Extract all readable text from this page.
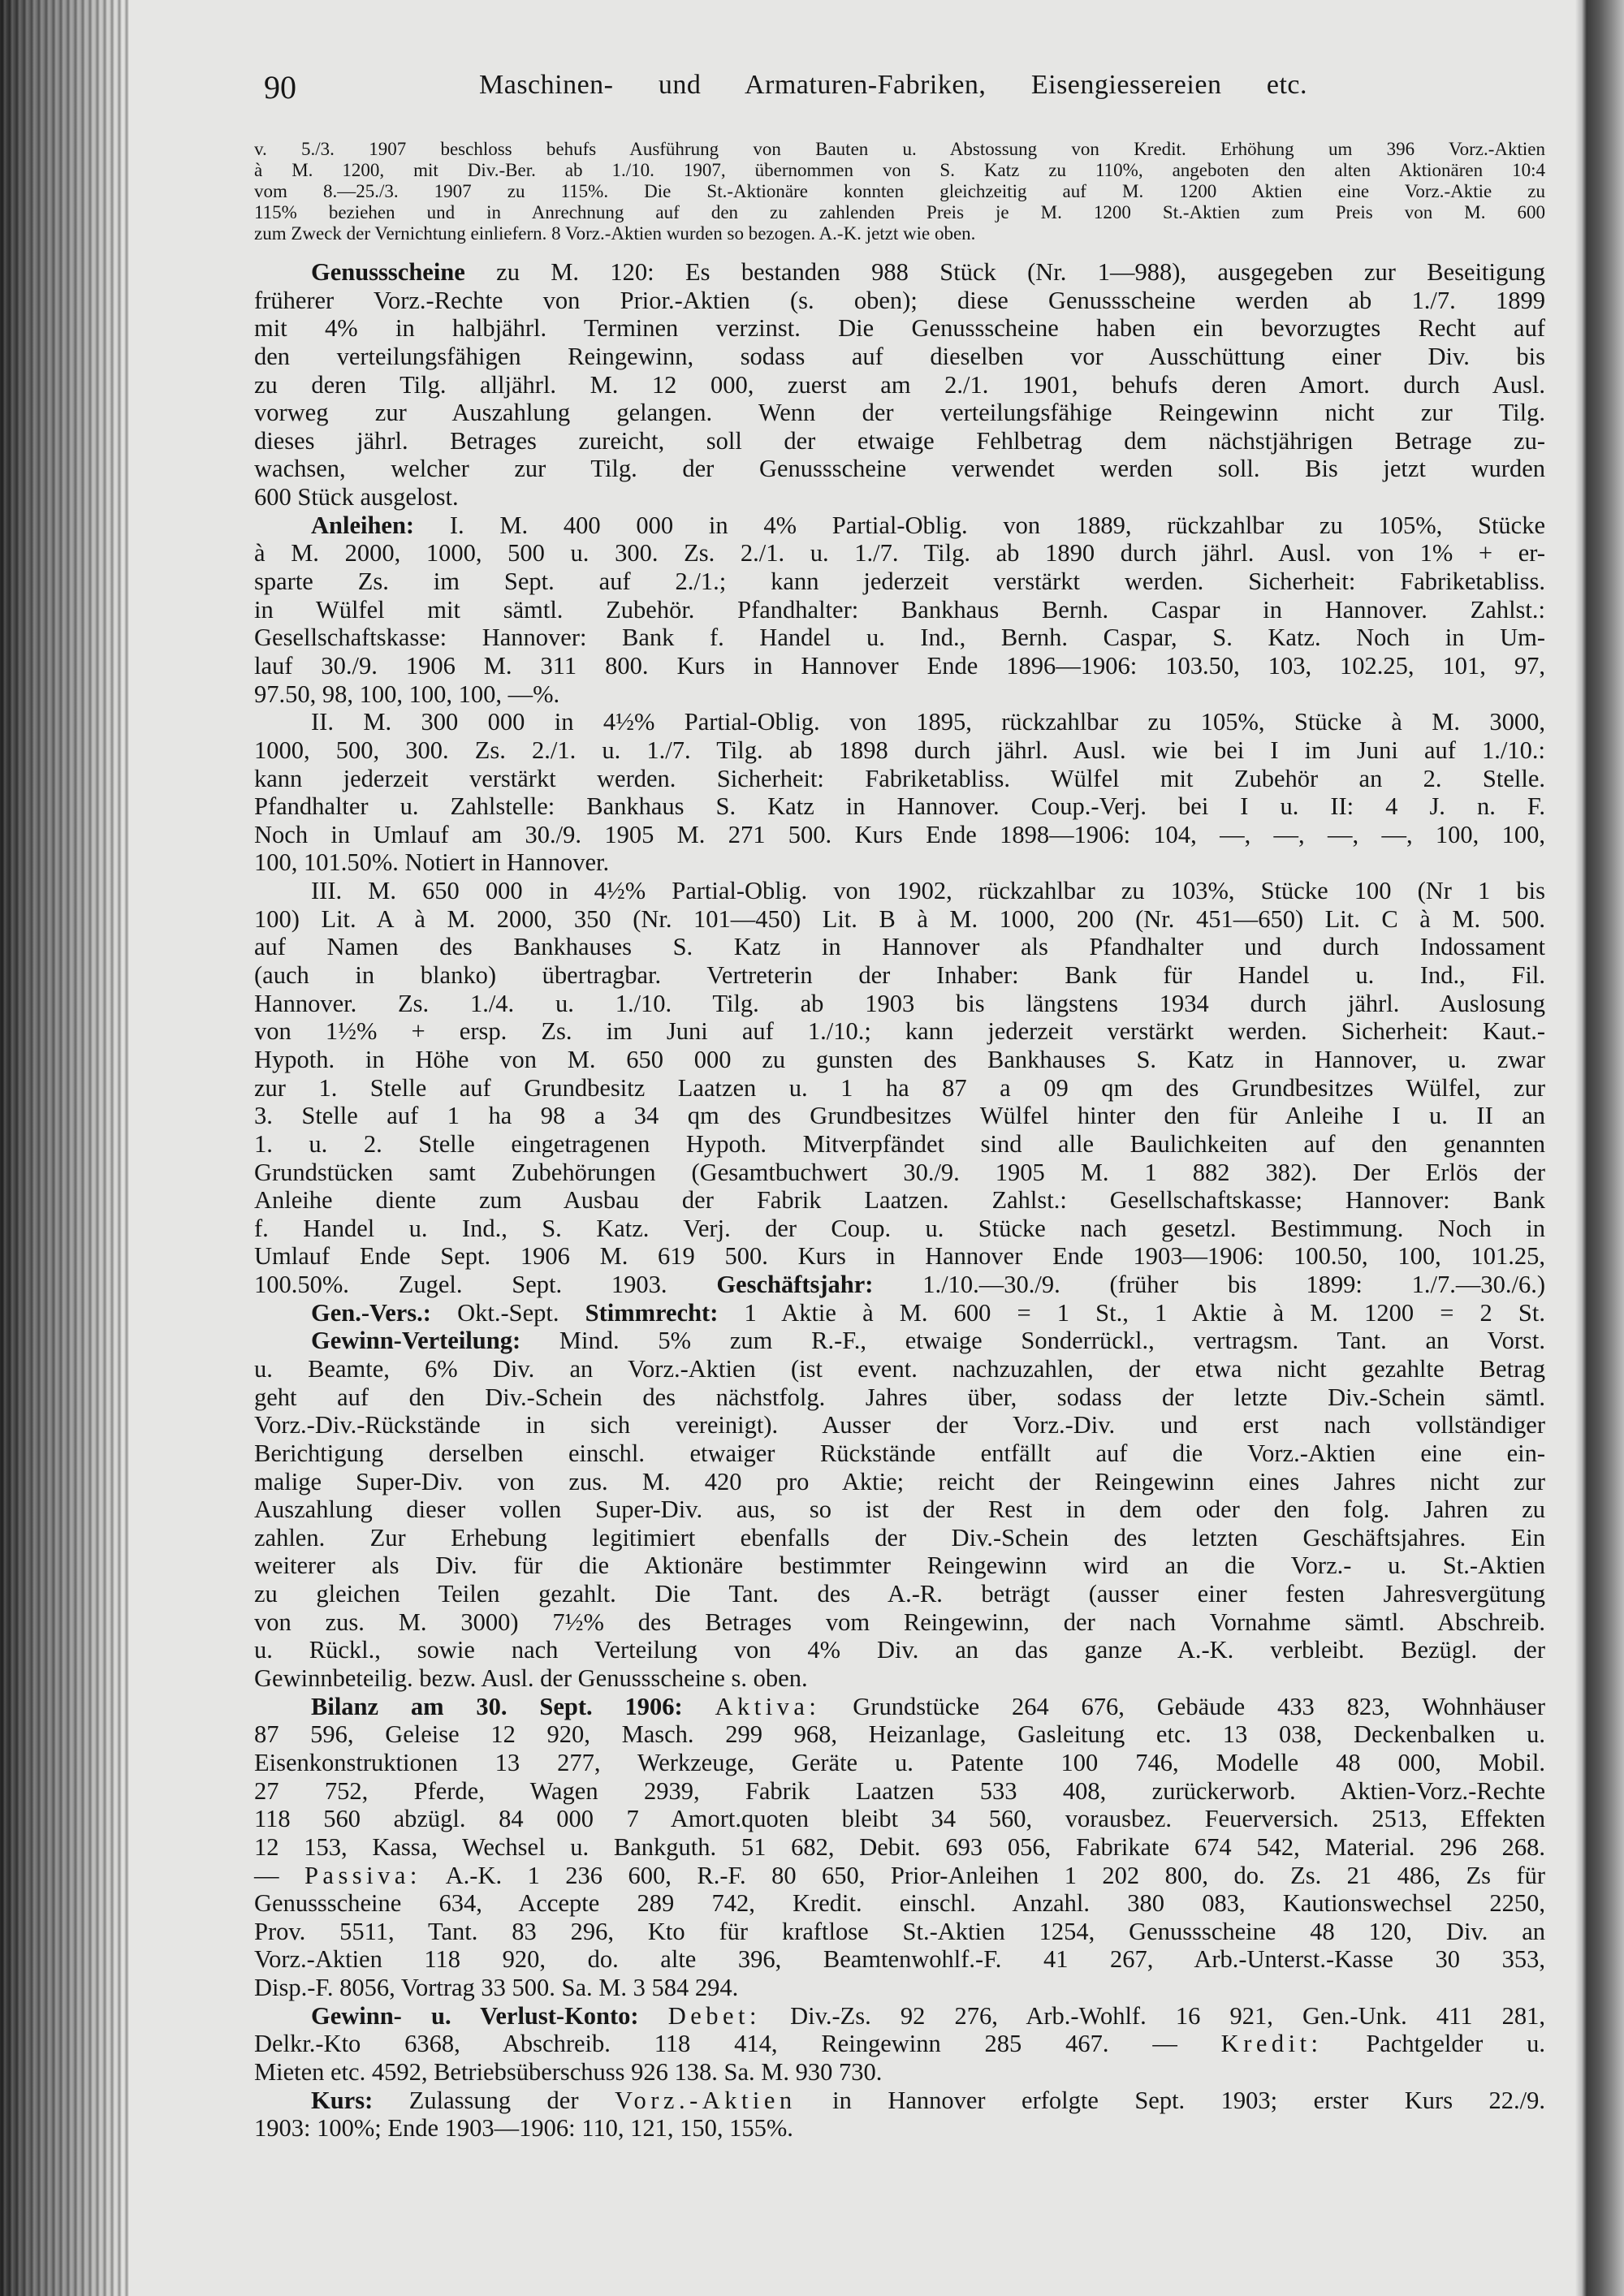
90	Maschinen- und Armaturen-Fabriken, Eisengiessereien etc.
v. 5./3. 1907 beschloss behufs Ausführung von Bauten u. Abstossung von Kredit. Erhöhung um 396 Vorz.-Aktien
à M. 1200, mit Div.-Ber. ab 1./10. 1907, übernommen von S. Katz zu 110%, angeboten den alten Aktionären 10:4
vom 8.—25./3. 1907 zu 115%. Die St.-Aktionäre konnten gleichzeitig auf M. 1200 Aktien eine Vorz.-Aktie zu
115% beziehen und in Anrechnung auf den zu zahlenden Preis je M. 1200 St.-Aktien zum Preis von M. 600
zum Zweck der Vernichtung einliefern. 8 Vorz.-Aktien wurden so bezogen. A.-K. jetzt wie oben.
Genussscheine zu M. 120: Es bestanden 988 Stück (Nr. 1—988), ausgegeben zur Beseitigung
früherer Vorz.-Rechte von Prior.-Aktien (s. oben); diese Genussscheine werden ab 1./7. 1899
mit 4% in halbjährl. Terminen verzinst. Die Genussscheine haben ein bevorzugtes Recht auf
den verteilungsfähigen Reingewinn, sodass auf dieselben vor Ausschüttung einer Div. bis
zu deren Tilg. alljährl. M. 12 000, zuerst am 2./1. 1901, behufs deren Amort. durch Ausl.
vorweg zur Auszahlung gelangen. Wenn der verteilungsfähige Reingewinn nicht zur Tilg.
dieses jährl. Betrages zureicht, soll der etwaige Fehlbetrag dem nächstjährigen Betrage zu-
wachsen, welcher zur Tilg. der Genussscheine verwendet werden soll. Bis jetzt wurden
600 Stück ausgelost.
Anleihen: I. M. 400 000 in 4% Partial-Oblig. von 1889, rückzahlbar zu 105%, Stücke
à M. 2000, 1000, 500 u. 300. Zs. 2./1. u. 1./7. Tilg. ab 1890 durch jährl. Ausl. von 1% + er-
sparte Zs. im Sept. auf 2./1.; kann jederzeit verstärkt werden. Sicherheit: Fabriketabliss.
in Wülfel mit sämtl. Zubehör. Pfandhalter: Bankhaus Bernh. Caspar in Hannover. Zahlst.:
Gesellschaftskasse: Hannover: Bank f. Handel u. Ind., Bernh. Caspar, S. Katz. Noch in Um-
lauf 30./9. 1906 M. 311 800. Kurs in Hannover Ende 1896—1906: 103.50, 103, 102.25, 101, 97,
97.50, 98, 100, 100, 100, —%.
II. M. 300 000 in 4½% Partial-Oblig. von 1895, rückzahlbar zu 105%, Stücke à M. 3000,
1000, 500, 300. Zs. 2./1. u. 1./7. Tilg. ab 1898 durch jährl. Ausl. wie bei I im Juni auf 1./10.:
kann jederzeit verstärkt werden. Sicherheit: Fabriketabliss. Wülfel mit Zubehör an 2. Stelle.
Pfandhalter u. Zahlstelle: Bankhaus S. Katz in Hannover. Coup.-Verj. bei I u. II: 4 J. n. F.
Noch in Umlauf am 30./9. 1905 M. 271 500. Kurs Ende 1898—1906: 104, —, —, —, —, 100, 100,
100, 101.50%. Notiert in Hannover.
III. M. 650 000 in 4½% Partial-Oblig. von 1902, rückzahlbar zu 103%, Stücke 100 (Nr 1 bis
100) Lit. A à M. 2000, 350 (Nr. 101—450) Lit. B à M. 1000, 200 (Nr. 451—650) Lit. C à M. 500.
auf Namen des Bankhauses S. Katz in Hannover als Pfandhalter und durch Indossament
(auch in blanko) übertragbar. Vertreterin der Inhaber: Bank für Handel u. Ind., Fil.
Hannover. Zs. 1./4. u. 1./10. Tilg. ab 1903 bis längstens 1934 durch jährl. Auslosung
von 1½% + ersp. Zs. im Juni auf 1./10.; kann jederzeit verstärkt werden. Sicherheit: Kaut.-
Hypoth. in Höhe von M. 650 000 zu gunsten des Bankhauses S. Katz in Hannover, u. zwar
zur 1. Stelle auf Grundbesitz Laatzen u. 1 ha 87 a 09 qm des Grundbesitzes Wülfel, zur
3. Stelle auf 1 ha 98 a 34 qm des Grundbesitzes Wülfel hinter den für Anleihe I u. II an
1. u. 2. Stelle eingetragenen Hypoth. Mitverpfändet sind alle Baulichkeiten auf den genannten
Grundstücken samt Zubehörungen (Gesamtbuchwert 30./9. 1905 M. 1 882 382). Der Erlös der
Anleihe diente zum Ausbau der Fabrik Laatzen. Zahlst.: Gesellschaftskasse; Hannover: Bank
f. Handel u. Ind., S. Katz. Verj. der Coup. u. Stücke nach gesetzl. Bestimmung. Noch in
Umlauf Ende Sept. 1906 M. 619 500. Kurs in Hannover Ende 1903—1906: 100.50, 100, 101.25,
100.50%. Zugel. Sept. 1903. Geschäftsjahr: 1./10.—30./9. (früher bis 1899: 1./7.—30./6.)
Gen.-Vers.: Okt.-Sept. Stimmrecht: 1 Aktie à M. 600 = 1 St., 1 Aktie à M. 1200 = 2 St.
Gewinn-Verteilung: Mind. 5% zum R.-F., etwaige Sonderrückl., vertragsm. Tant. an Vorst.
u. Beamte, 6% Div. an Vorz.-Aktien (ist event. nachzuzahlen, der etwa nicht gezahlte Betrag
geht auf den Div.-Schein des nächstfolg. Jahres über, sodass der letzte Div.-Schein sämtl.
Vorz.-Div.-Rückstände in sich vereinigt). Ausser der Vorz.-Div. und erst nach vollständiger
Berichtigung derselben einschl. etwaiger Rückstände entfällt auf die Vorz.-Aktien eine ein-
malige Super-Div. von zus. M. 420 pro Aktie; reicht der Reingewinn eines Jahres nicht zur
Auszahlung dieser vollen Super-Div. aus, so ist der Rest in dem oder den folg. Jahren zu
zahlen. Zur Erhebung legitimiert ebenfalls der Div.-Schein des letzten Geschäftsjahres. Ein
weiterer als Div. für die Aktionäre bestimmter Reingewinn wird an die Vorz.- u. St.-Aktien
zu gleichen Teilen gezahlt. Die Tant. des A.-R. beträgt (ausser einer festen Jahresvergütung
von zus. M. 3000) 7½% des Betrages vom Reingewinn, der nach Vornahme sämtl. Abschreib.
u. Rückl., sowie nach Verteilung von 4% Div. an das ganze A.-K. verbleibt. Bezügl. der
Gewinnbeteilig. bezw. Ausl. der Genussscheine s. oben.
Bilanz am 30. Sept. 1906: Aktiva: Grundstücke 264 676, Gebäude 433 823, Wohnhäuser
87 596, Geleise 12 920, Masch. 299 968, Heizanlage, Gasleitung etc. 13 038, Deckenbalken u.
Eisenkonstruktionen 13 277, Werkzeuge, Geräte u. Patente 100 746, Modelle 48 000, Mobil.
27 752, Pferde, Wagen 2939, Fabrik Laatzen 533 408, zurückerworb. Aktien-Vorz.-Rechte
118 560 abzügl. 84 000 7 Amort.quoten bleibt 34 560, vorausbez. Feuerversich. 2513, Effekten
12 153, Kassa, Wechsel u. Bankguth. 51 682, Debit. 693 056, Fabrikate 674 542, Material. 296 268.
— Passiva: A.-K. 1 236 600, R.-F. 80 650, Prior-Anleihen 1 202 800, do. Zs. 21 486, Zs für
Genussscheine 634, Accepte 289 742, Kredit. einschl. Anzahl. 380 083, Kautionswechsel 2250,
Prov. 5511, Tant. 83 296, Kto für kraftlose St.-Aktien 1254, Genussscheine 48 120, Div. an
Vorz.-Aktien 118 920, do. alte 396, Beamtenwohlf.-F. 41 267, Arb.-Unterst.-Kasse 30 353,
Disp.-F. 8056, Vortrag 33 500. Sa. M. 3 584 294.
Gewinn- u. Verlust-Konto: Debet: Div.-Zs. 92 276, Arb.-Wohlf. 16 921, Gen.-Unk. 411 281,
Delkr.-Kto 6368, Abschreib. 118 414, Reingewinn 285 467. — Kredit: Pachtgelder u.
Mieten etc. 4592, Betriebsüberschuss 926 138. Sa. M. 930 730.
Kurs: Zulassung der Vorz.-Aktien in Hannover erfolgte Sept. 1903; erster Kurs 22./9.
1903: 100%; Ende 1903—1906: 110, 121, 150, 155%.
